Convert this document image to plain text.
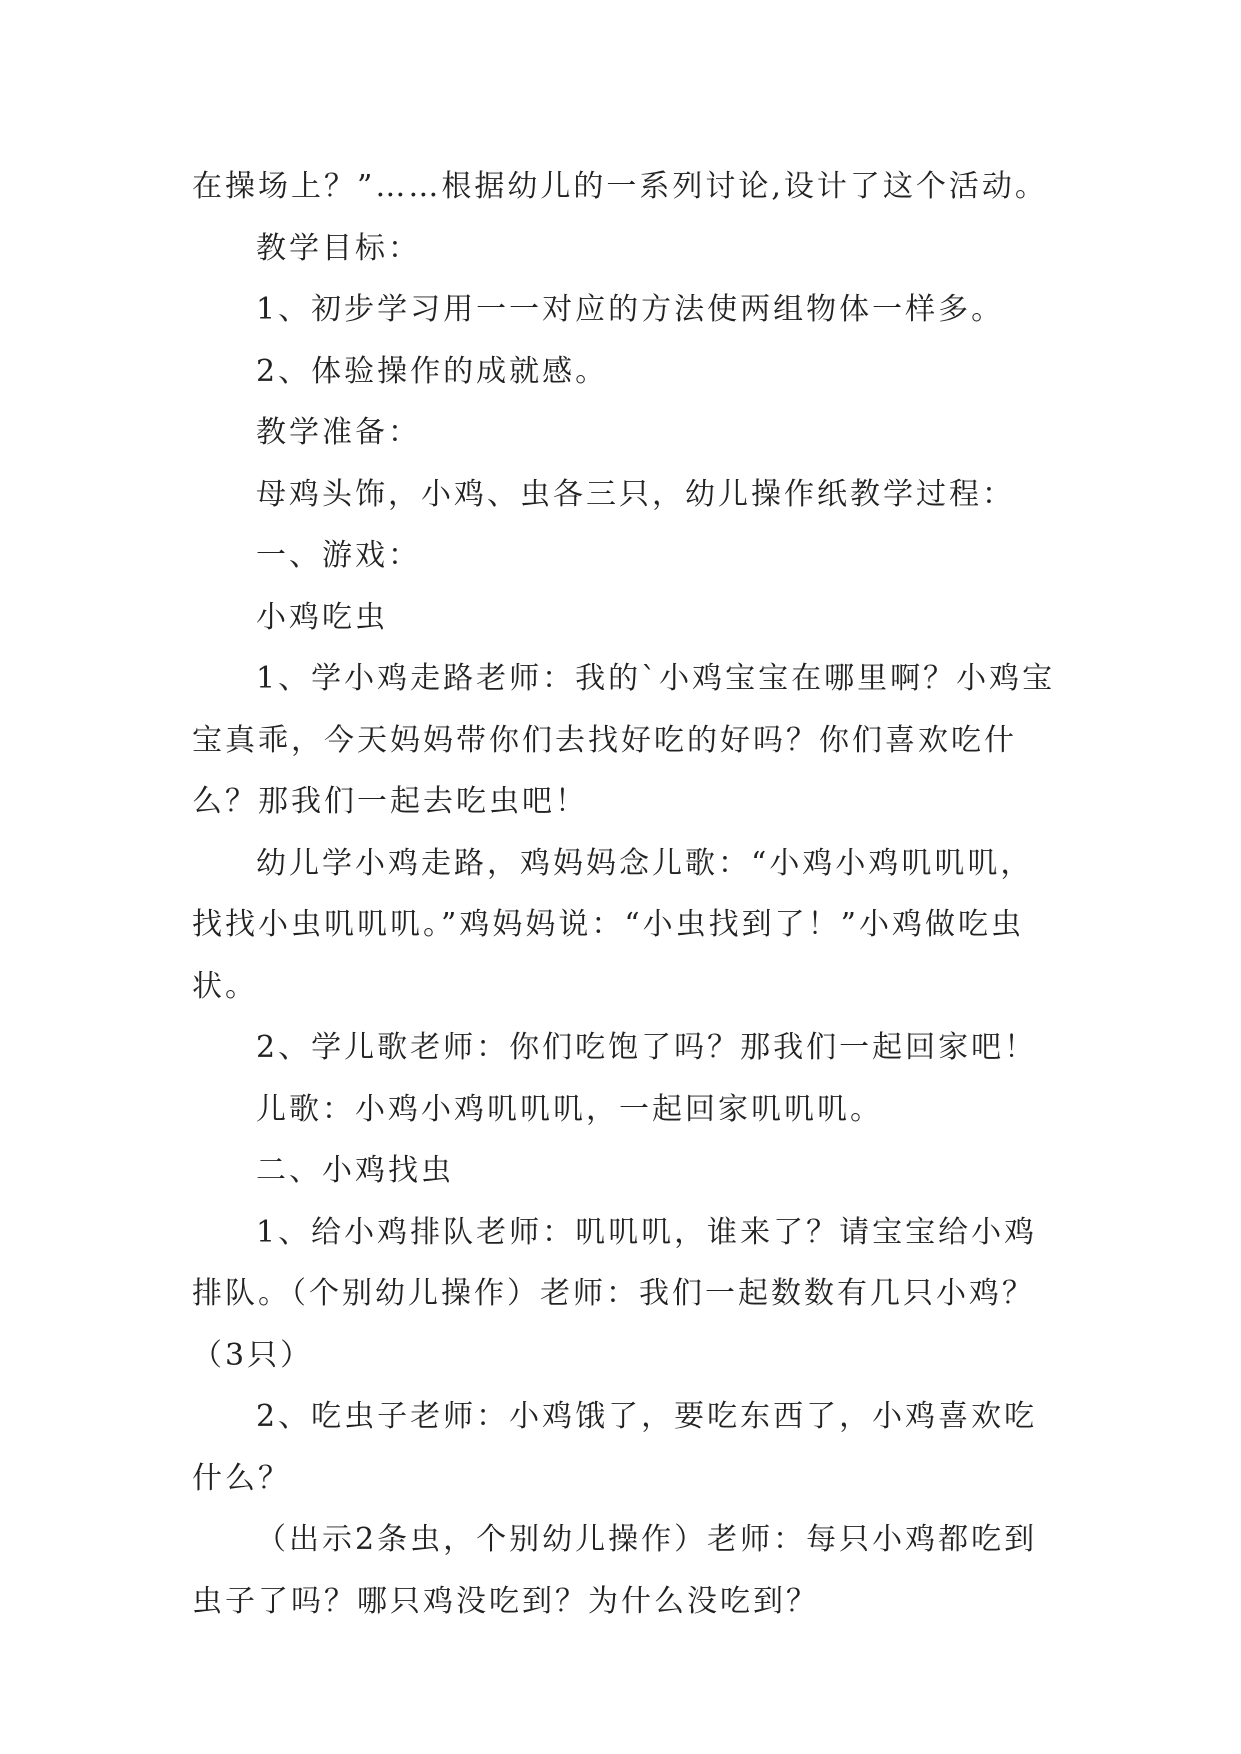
在操场上？”……根据幼儿的一系列讨论,设计了这个活动。
教学目标：
1、初步学习用一一对应的方法使两组物体一样多。
2、体验操作的成就感。
教学准备：
母鸡头饰，小鸡、虫各三只，幼儿操作纸教学过程：
一、游戏：
小鸡吃虫
1、学小鸡走路老师：我的`小鸡宝宝在哪里啊？小鸡宝
宝真乖，今天妈妈带你们去找好吃的好吗？你们喜欢吃什
么？那我们一起去吃虫吧！
幼儿学小鸡走路，鸡妈妈念儿歌：“小鸡小鸡叽叽叽，
找找小虫叽叽叽。”鸡妈妈说：“小虫找到了！”小鸡做吃虫
状。
2、学儿歌老师：你们吃饱了吗？那我们一起回家吧！
儿歌：小鸡小鸡叽叽叽，一起回家叽叽叽。
二、小鸡找虫
1、给小鸡排队老师：叽叽叽，谁来了？请宝宝给小鸡
排队。（个别幼儿操作）老师：我们一起数数有几只小鸡？
（3只）
2、吃虫子老师：小鸡饿了，要吃东西了，小鸡喜欢吃
什么？
（出示2条虫，个别幼儿操作）老师：每只小鸡都吃到
虫子了吗？哪只鸡没吃到？为什么没吃到？
